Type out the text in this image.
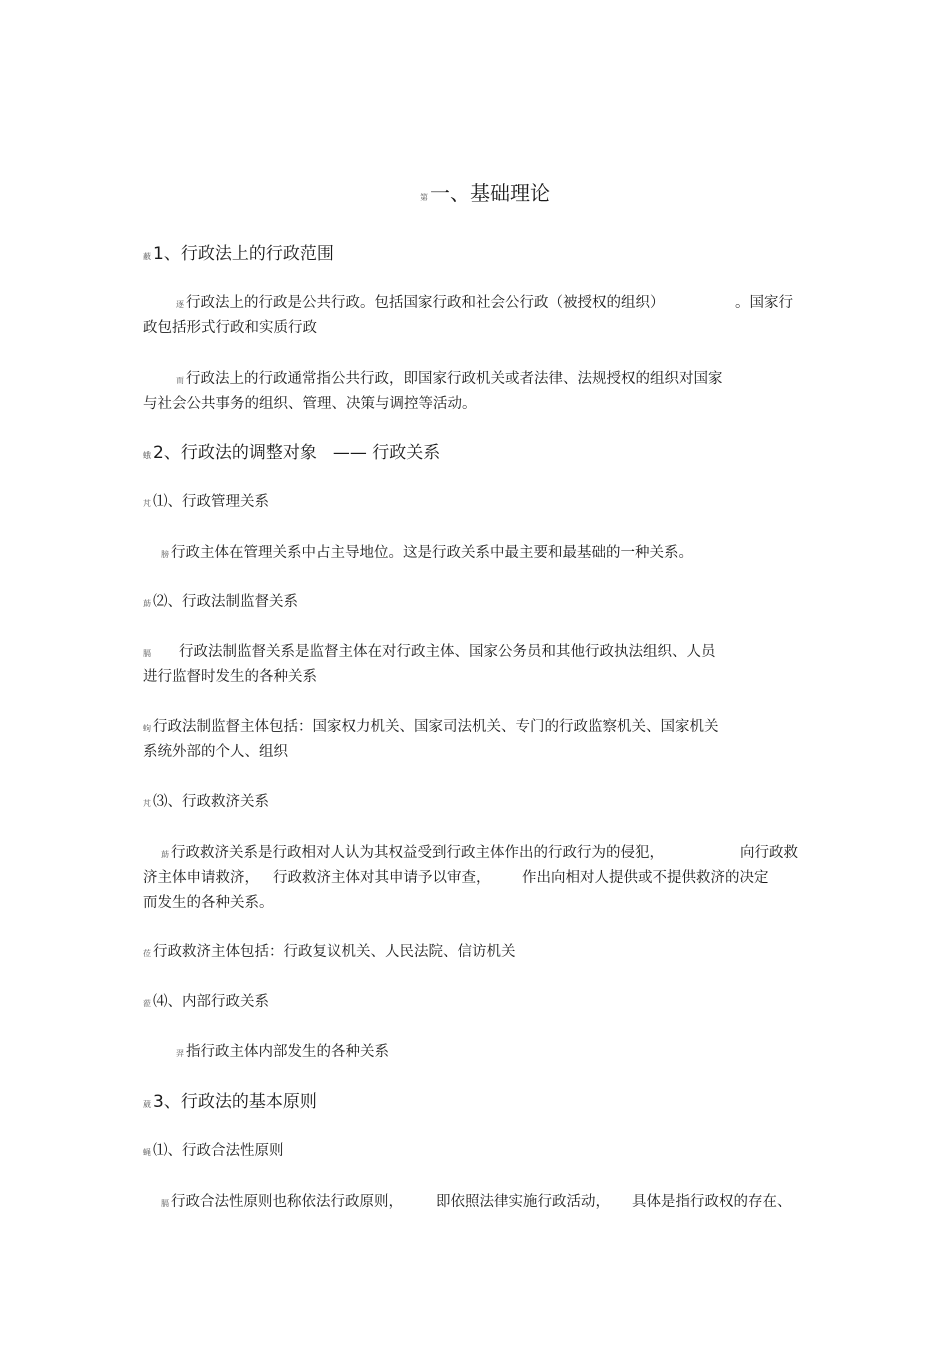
第 一、基础理论
蔽 1、行政法上的行政范围
逐 行政法上的行政是公共行政。包括国家行政和社会公行政（被授权的组织）	。国家行
政包括形式行政和实质行政
而 行政法上的行政通常指公共行政，即国家行政机关或者法律、法规授权的组织对国家
与社会公共事务的组织、管理、决策与调控等活动。
蛾 2、行政法的调整对象 —— 行政关系
芃 ⑴、行政管理关系
膀 行政主体在管理关系中占主导地位。这是行政关系中最主要和最基础的一种关系。
莇 ⑵、行政法制监督关系
膈 行政法制监督关系是监督主体在对行政主体、国家公务员和其他行政执法组织、人员
进行监督时发生的各种关系
蚼 行政法制监督主体包括：国家权力机关、国家司法机关、专门的行政监察机关、国家机关
系统外部的个人、组织
芃 ⑶、行政救济关系
莇 行政救济关系是行政相对人认为其权益受到行政主体作出的行政行为的侵犯，	向行政救
济主体申请救济， 行政救济主体对其申请予以审查， 作出向相对人提供或不提供救济的决定
而发生的各种关系。
莅 行政救济主体包括：行政复议机关、人民法院、信访机关
蒞 ⑷、内部行政关系
羿 指行政主体内部发生的各种关系
葳 3、行政法的基本原则
蝇 ⑴、行政合法性原则
膈 行政合法性原则也称依法行政原则， 即依照法律实施行政活动， 具体是指行政权的存在、
